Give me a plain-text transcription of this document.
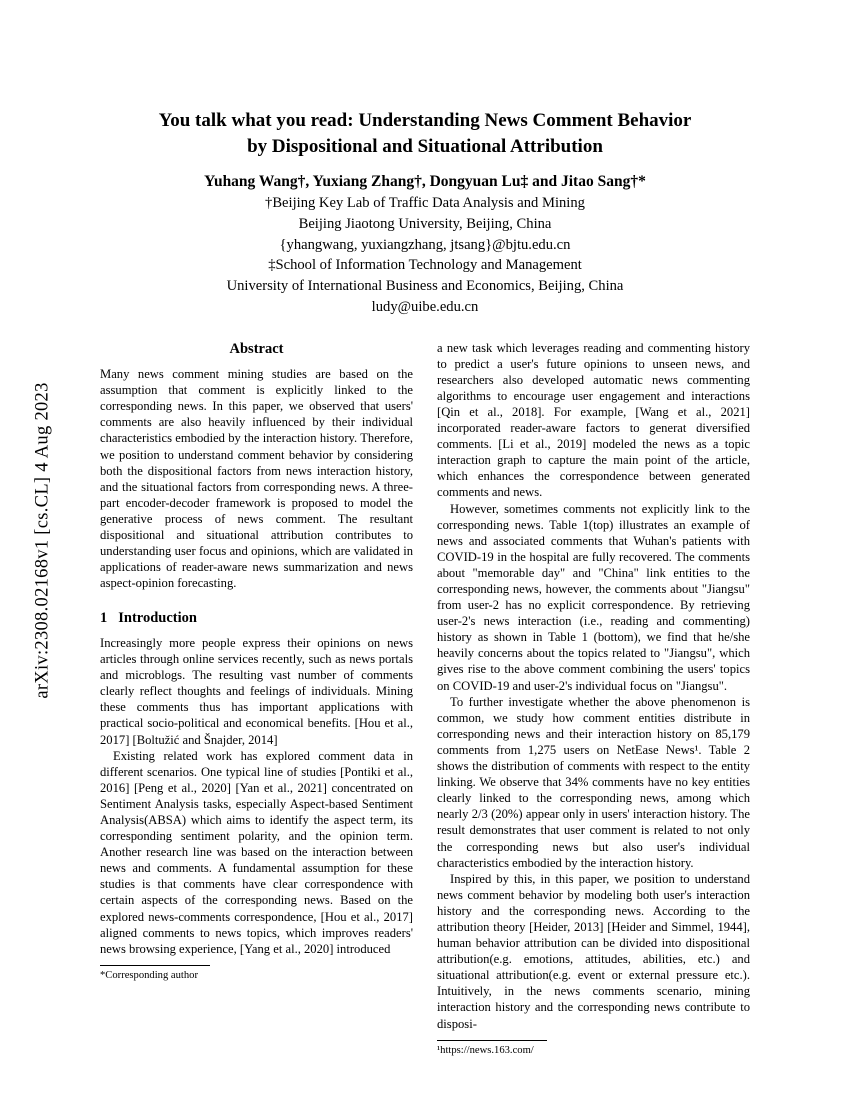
arXiv:2308.02168v1 [cs.CL] 4 Aug 2023
You talk what you read: Understanding News Comment Behavior
by Dispositional and Situational Attribution
Yuhang Wang†, Yuxiang Zhang†, Dongyuan Lu‡ and Jitao Sang†*
†Beijing Key Lab of Traffic Data Analysis and Mining
Beijing Jiaotong University, Beijing, China
{yhangwang, yuxiangzhang, jtsang}@bjtu.edu.cn
‡School of Information Technology and Management
University of International Business and Economics, Beijing, China
ludy@uibe.edu.cn
Abstract

Many news comment mining studies are based on the assumption that comment is explicitly linked to the corresponding news. In this paper, we observed that users' comments are also heavily influenced by their individual characteristics embodied by the interaction history. Therefore, we position to understand comment behavior by considering both the dispositional factors from news interaction history, and the situational factors from corresponding news. A three-part encoder-decoder framework is proposed to model the generative process of news comment. The resultant dispositional and situational attribution contributes to understanding user focus and opinions, which are validated in applications of reader-aware news summarization and news aspect-opinion forecasting.

1 Introduction

Increasingly more people express their opinions on news articles through online services recently, such as news portals and microblogs. The resulting vast number of comments clearly reflect thoughts and feelings of individuals. Mining these comments thus has important applications with practical socio-political and economical benefits. [Hou et al., 2017] [Boltužić and Šnajder, 2014]

Existing related work has explored comment data in different scenarios. One typical line of studies [Pontiki et al., 2016] [Peng et al., 2020] [Yan et al., 2021] concentrated on Sentiment Analysis tasks, especially Aspect-based Sentiment Analysis(ABSA) which aims to identify the aspect term, its corresponding sentiment polarity, and the opinion term. Another research line was based on the interaction between news and comments. A fundamental assumption for these studies is that comments have clear correspondence with certain aspects of the corresponding news. Based on the explored news-comments correspondence, [Hou et al., 2017] aligned comments to news topics, which improves readers' news browsing experience, [Yang et al., 2020] introduced

*Corresponding author

a new task which leverages reading and commenting history to predict a user's future opinions to unseen news, and researchers also developed automatic news commenting algorithms to encourage user engagement and interactions [Qin et al., 2018]. For example, [Wang et al., 2021] incorporated reader-aware factors to generat diversified comments. [Li et al., 2019] modeled the news as a topic interaction graph to capture the main point of the article, which enhances the correspondence between generated comments and news.

However, sometimes comments not explicitly link to the corresponding news. Table 1(top) illustrates an example of news and associated comments that Wuhan's patients with COVID-19 in the hospital are fully recovered. The comments about "memorable day" and "China" link entities to the corresponding news, however, the comments about "Jiangsu" from user-2 has no explicit correspondence. By retrieving user-2's news interaction (i.e., reading and commenting) history as shown in Table 1 (bottom), we find that he/she heavily concerns about the topics related to "Jiangsu", which gives rise to the above comment combining the users' topics on COVID-19 and user-2's individual focus on "Jiangsu".

To further investigate whether the above phenomenon is common, we study how comment entities distribute in corresponding news and their interaction history on 85,179 comments from 1,275 users on NetEase News¹. Table 2 shows the distribution of comments with respect to the entity linking. We observe that 34% comments have no key entities clearly linked to the corresponding news, among which nearly 2/3 (20%) appear only in users' interaction history. The result demonstrates that user comment is related to not only the corresponding news but also user's individual characteristics embodied by the interaction history.

Inspired by this, in this paper, we position to understand news comment behavior by modeling both user's interaction history and the corresponding news. According to the attribution theory [Heider, 2013] [Heider and Simmel, 1944], human behavior attribution can be divided into dispositional attribution(e.g. emotions, attitudes, abilities, etc.) and situational attribution(e.g. event or external pressure etc.). Intuitively, in the news comments scenario, mining interaction history and the corresponding news contribute to disposi-

¹https://news.163.com/
